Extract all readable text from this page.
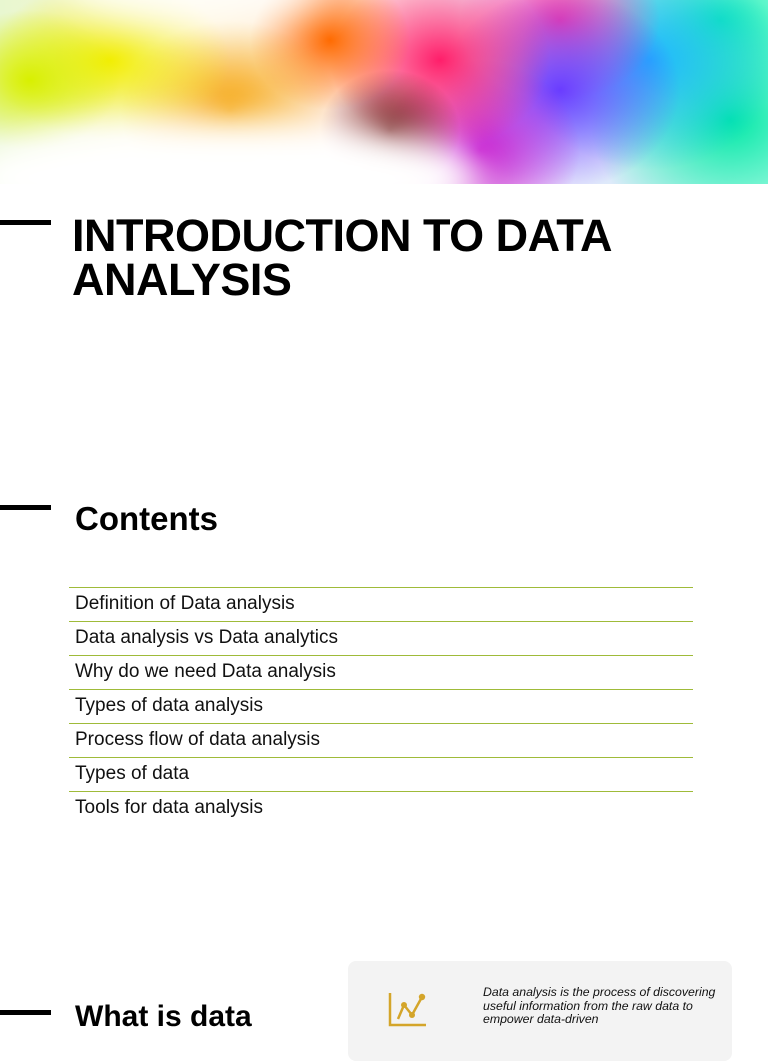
INTRODUCTION TO DATA ANALYSIS
Contents
Definition of Data analysis
Data analysis vs Data analytics
Why do we need Data analysis
Types of data analysis
Process flow of data analysis
Types of data
Tools for data analysis
What is data
Data analysis is the process of discovering useful information from the raw data to empower data-driven
